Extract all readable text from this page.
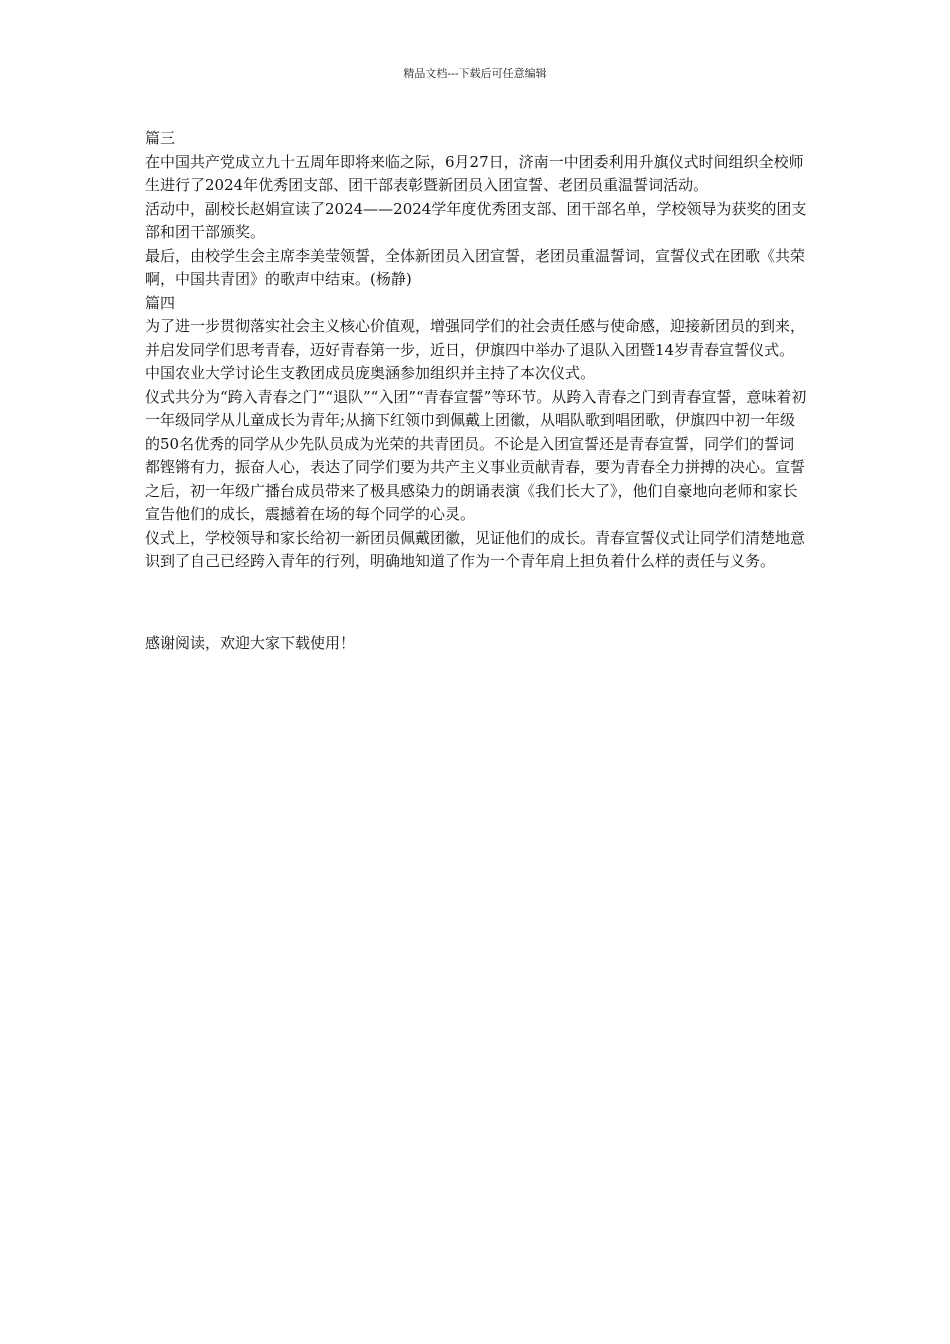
精品文档---下载后可任意编辑

篇三

在中国共产党成立九十五周年即将来临之际，6月27日，济南一中团委利用升旗仪式时间组织全校师生进行了2024年优秀团支部、团干部表彰暨新团员入团宣誓、老团员重温誓词活动。

活动中，副校长赵娟宣读了2024——2024学年度优秀团支部、团干部名单，学校领导为获奖的团支部和团干部颁奖。

最后，由校学生会主席李美莹领誓，全体新团员入团宣誓，老团员重温誓词，宣誓仪式在团歌《共荣啊，中国共青团》的歌声中结束。(杨静)

篇四

为了进一步贯彻落实社会主义核心价值观，增强同学们的社会责任感与使命感，迎接新团员的到来，并启发同学们思考青春，迈好青春第一步，近日，伊旗四中举办了退队入团暨14岁青春宣誓仪式。中国农业大学讨论生支教团成员庞奥涵参加组织并主持了本次仪式。

仪式共分为“跨入青春之门”“退队”“入团”“青春宣誓”等环节。从跨入青春之门到青春宣誓，意味着初一年级同学从儿童成长为青年;从摘下红领巾到佩戴上团徽，从唱队歌到唱团歌，伊旗四中初一年级的50名优秀的同学从少先队员成为光荣的共青团员。不论是入团宣誓还是青春宣誓，同学们的誓词都铿锵有力，振奋人心，表达了同学们要为共产主义事业贡献青春，要为青春全力拼搏的决心。宣誓之后，初一年级广播台成员带来了极具感染力的朗诵表演《我们长大了》，他们自豪地向老师和家长宣告他们的成长，震撼着在场的每个同学的心灵。

仪式上，学校领导和家长给初一新团员佩戴团徽，见证他们的成长。青春宣誓仪式让同学们清楚地意识到了自己已经跨入青年的行列，明确地知道了作为一个青年肩上担负着什么样的责任与义务。

感谢阅读，欢迎大家下载使用！
